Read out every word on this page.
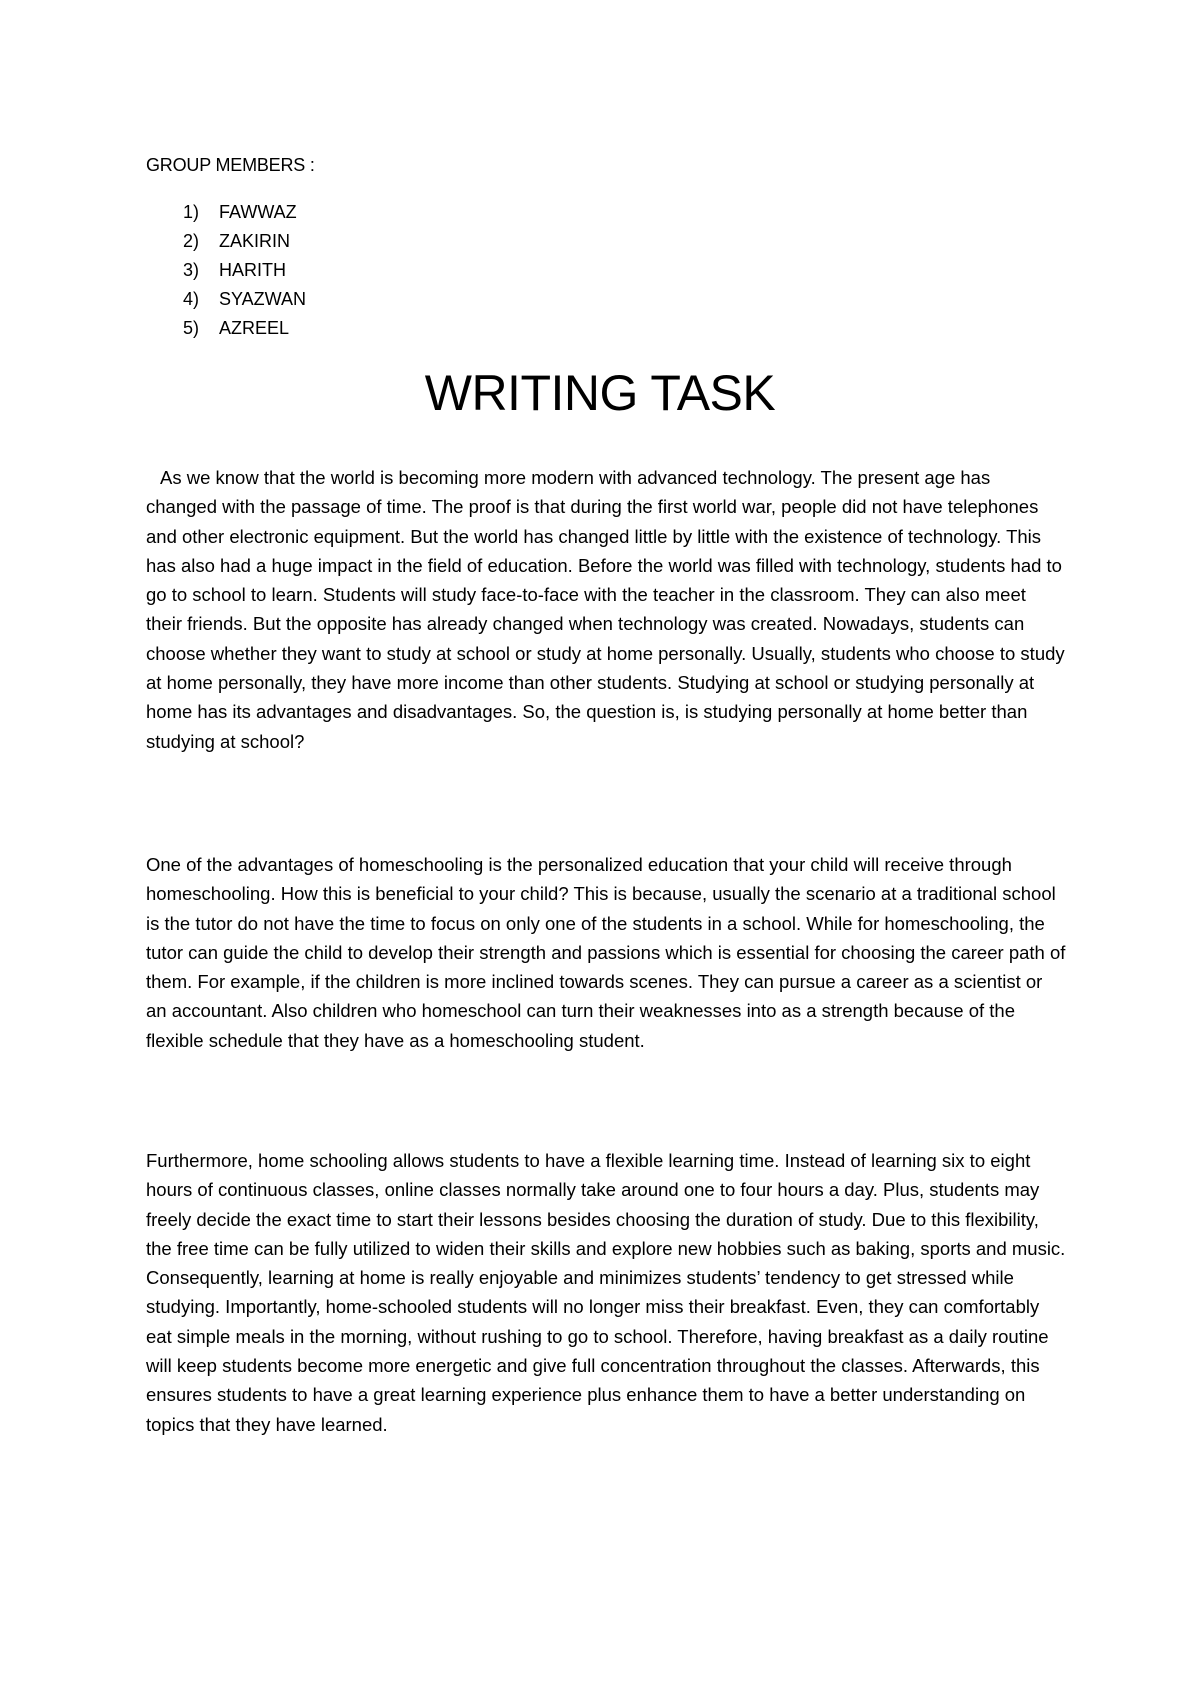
GROUP MEMBERS :
1) FAWWAZ
2) ZAKIRIN
3) HARITH
4) SYAZWAN
5) AZREEL
WRITING TASK

As we know that the world is becoming more modern with advanced technology. The present age has changed with the passage of time. The proof is that during the first world war, people did not have telephones and other electronic equipment. But the world has changed little by little with the existence of technology. This has also had a huge impact in the field of education. Before the world was filled with technology, students had to go to school to learn. Students will study face-to-face with the teacher in the classroom. They can also meet their friends. But the opposite has already changed when technology was created. Nowadays, students can choose whether they want to study at school or study at home personally. Usually, students who choose to study at home personally, they have more income than other students. Studying at school or studying personally at home has its advantages and disadvantages. So, the question is, is studying personally at home better than studying at school?

One of the advantages of homeschooling is the personalized education that your child will receive through homeschooling. How this is beneficial to your child? This is because, usually the scenario at a traditional school is the tutor do not have the time to focus on only one of the students in a school. While for homeschooling, the tutor can guide the child to develop their strength and passions which is essential for choosing the career path of them. For example, if the children is more inclined towards scenes. They can pursue a career as a scientist or an accountant. Also children who homeschool can turn their weaknesses into as a strength because of the flexible schedule that they have as a homeschooling student.

Furthermore, home schooling allows students to have a flexible learning time. Instead of learning six to eight hours of continuous classes, online classes normally take around one to four hours a day. Plus, students may freely decide the exact time to start their lessons besides choosing the duration of study. Due to this flexibility, the free time can be fully utilized to widen their skills and explore new hobbies such as baking, sports and music. Consequently, learning at home is really enjoyable and minimizes students’ tendency to get stressed while studying. Importantly, home-schooled students will no longer miss their breakfast. Even, they can comfortably eat simple meals in the morning, without rushing to go to school. Therefore, having breakfast as a daily routine will keep students become more energetic and give full concentration throughout the classes. Afterwards, this ensures students to have a great learning experience plus enhance them to have a better understanding on topics that they have learned.
